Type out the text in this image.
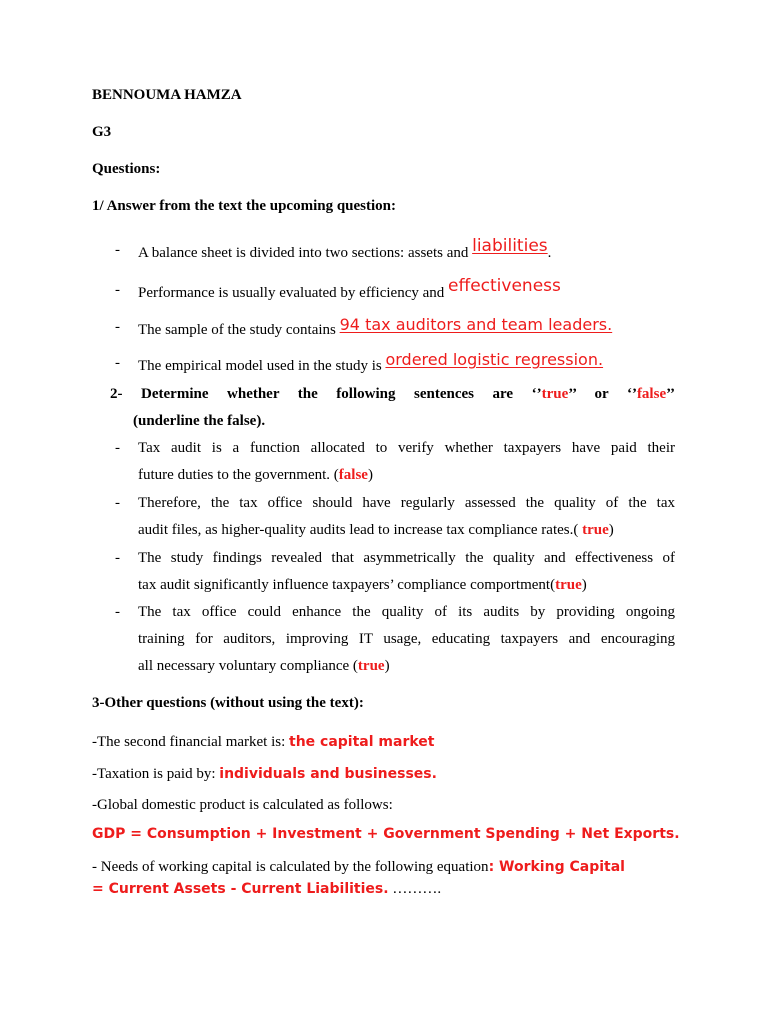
BENNOUMA HAMZA
G3
Questions:
1/ Answer from the text the upcoming question:
- A balance sheet is divided into two sections: assets and liabilities.
- Performance is usually evaluated by efficiency and effectiveness
- The sample of the study contains 94 tax auditors and team leaders.
- The empirical model used in the study is ordered logistic regression.
2- Determine whether the following sentences are ‘’true’’ or ‘’false’’
(underline the false).
- Tax audit is a function allocated to verify whether taxpayers have paid their
future duties to the government. (false)
- Therefore, the tax office should have regularly assessed the quality of the tax
audit files, as higher-quality audits lead to increase tax compliance rates.( true)
- The study findings revealed that asymmetrically the quality and effectiveness of
tax audit significantly influence taxpayers’ compliance comportment(true)
- The tax office could enhance the quality of its audits by providing ongoing
training for auditors, improving IT usage, educating taxpayers and encouraging
all necessary voluntary compliance (true)
3-Other questions (without using the text):
-The second financial market is: the capital market
-Taxation is paid by: individuals and businesses.
-Global domestic product is calculated as follows:
GDP = Consumption + Investment + Government Spending + Net Exports.
- Needs of working capital is calculated by the following equation: Working Capital
= Current Assets - Current Liabilities. ……….
